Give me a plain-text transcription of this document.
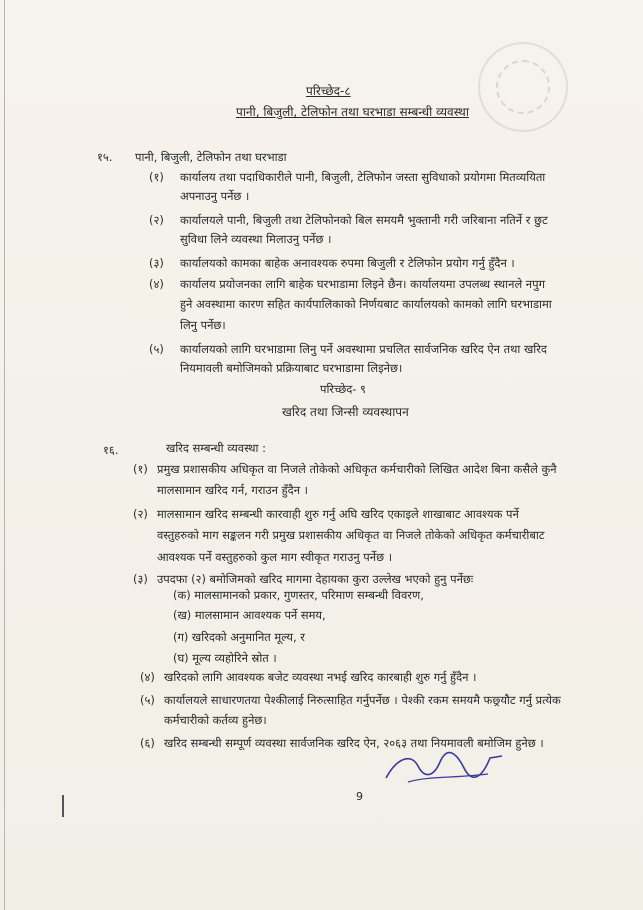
परिच्छेद-८
पानी, बिजुली, टेलिफोन तथा घरभाडा सम्बन्धी व्यवस्था
१५. पानी, बिजुली, टेलिफोन तथा घरभाडा
(१) कार्यालय तथा पदाधिकारीले पानी, बिजुली, टेलिफोन जस्ता सुविधाको प्रयोगमा मितव्ययिता
अपनाउनु पर्नेछ ।
(२) कार्यालयले पानी, बिजुली तथा टेलिफोनको बिल समयमै भुक्तानी गरी जरिबाना नतिर्ने र छुट
सुविधा लिने व्यवस्था मिलाउनु पर्नेछ ।
(३) कार्यालयको कामका बाहेक अनावश्यक रुपमा बिजुली र टेलिफोन प्रयोग गर्नु हुँदैन ।
(४) कार्यालय प्रयोजनका लागि बाहेक घरभाडामा लिइने छैन। कार्यालयमा उपलब्ध स्थानले नपुग
हुने अवस्थामा कारण सहित कार्यपालिकाको निर्णयबाट कार्यालयको कामको लागि घरभाडामा
लिनु पर्नेछ।
(५) कार्यालयको लागि घरभाडामा लिनु पर्ने अवस्थामा प्रचलित सार्वजनिक खरिद ऐन तथा खरिद
नियमावली बमोजिमको प्रक्रियाबाट घरभाडामा लिइनेछ।
परिच्छेद- ९
खरिद तथा जिन्सी व्यवस्थापन
१६.	खरिद सम्बन्धी व्यवस्था :
(१) प्रमुख प्रशासकीय अधिकृत वा निजले तोकेको अधिकृत कर्मचारीको लिखित आदेश बिना कसैले कुनै
मालसामान खरिद गर्न, गराउन हुँदैन ।
(२) मालसामान खरिद सम्बन्धी कारवाही शुरु गर्नु अघि खरिद एकाइले शाखाबाट आवश्यक पर्ने
वस्तुहरुको माग सङ्कलन गरी प्रमुख प्रशासकीय अधिकृत वा निजले तोकेको अधिकृत कर्मचारीबाट
आवश्यक पर्ने वस्तुहरुको कुल माग स्वीकृत गराउनु पर्नेछ ।
(३) उपदफा (२) बमोजिमको खरिद मागमा देहायका कुरा उल्लेख भएको हुनु पर्नेछः
(क) मालसामानको प्रकार, गुणस्तर, परिमाण सम्बन्धी विवरण,
(ख) मालसामान आवश्यक पर्ने समय,
(ग) खरिदको अनुमानित मूल्य, र
(घ) मूल्य व्यहोरिने स्रोत ।
(४) खरिदको लागि आवश्यक बजेट व्यवस्था नभई खरिद कारबाही शुरु गर्नु हुँदैन ।
(५) कार्यालयले साधारणतया पेश्कीलाई निरुत्साहित गर्नुपर्नेछ । पेश्की रकम समयमै फछ्र्यौट गर्नु प्रत्येक
कर्मचारीको कर्तव्य हुनेछ।
(६) खरिद सम्बन्धी सम्पूर्ण व्यवस्था सार्वजनिक खरिद ऐन, २०६३ तथा नियमावली बमोजिम हुनेछ ।
9
